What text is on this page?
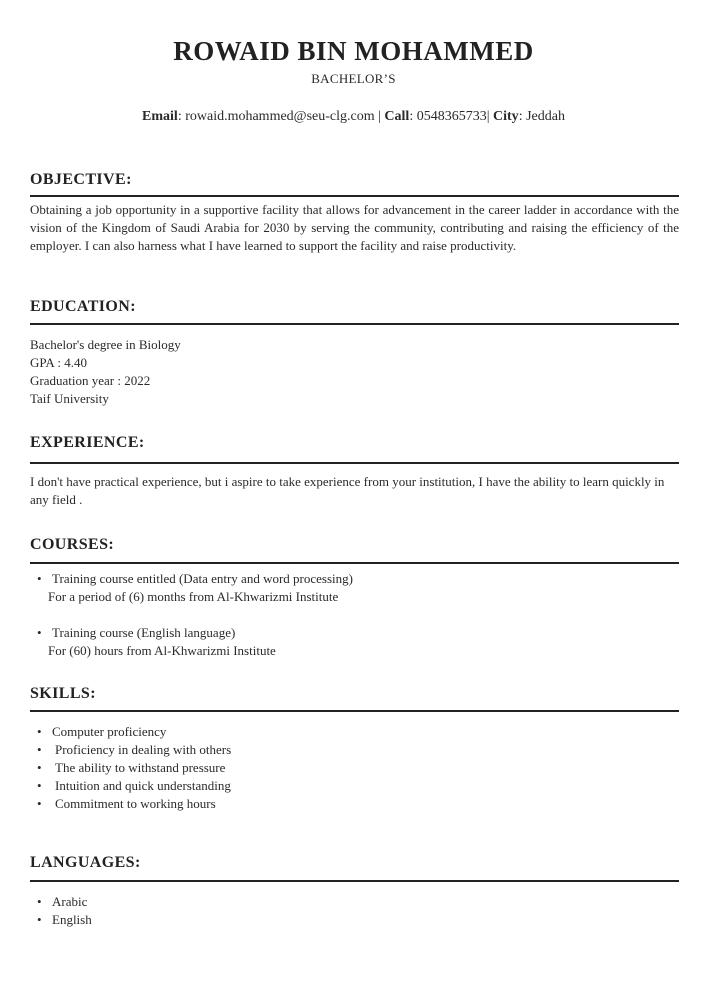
ROWAID BIN MOHAMMED
BACHELOR’S
Email: rowaid.mohammed@seu-clg.com | Call: 0548365733| City: Jeddah
OBJECTIVE:
Obtaining a job opportunity in a supportive facility that allows for advancement in the career ladder in accordance with the vision of the Kingdom of Saudi Arabia for 2030 by serving the community, contributing and raising the efficiency of the employer. I can also harness what I have learned to support the facility and raise productivity.
EDUCATION:
Bachelor's degree in Biology
GPA : 4.40
Graduation year : 2022
Taif University
EXPERIENCE:
I don't have practical experience, but i aspire to take experience from your institution, I have the ability to learn quickly in any field .
COURSES:
• Training course entitled (Data entry and word processing)
For a period of (6) months from Al-Khwarizmi Institute
• Training course (English language)
For (60) hours from Al-Khwarizmi Institute
SKILLS:
• Computer proficiency
• Proficiency in dealing with others
• The ability to withstand pressure
• Intuition and quick understanding
• Commitment to working hours
LANGUAGES:
• Arabic
• English
